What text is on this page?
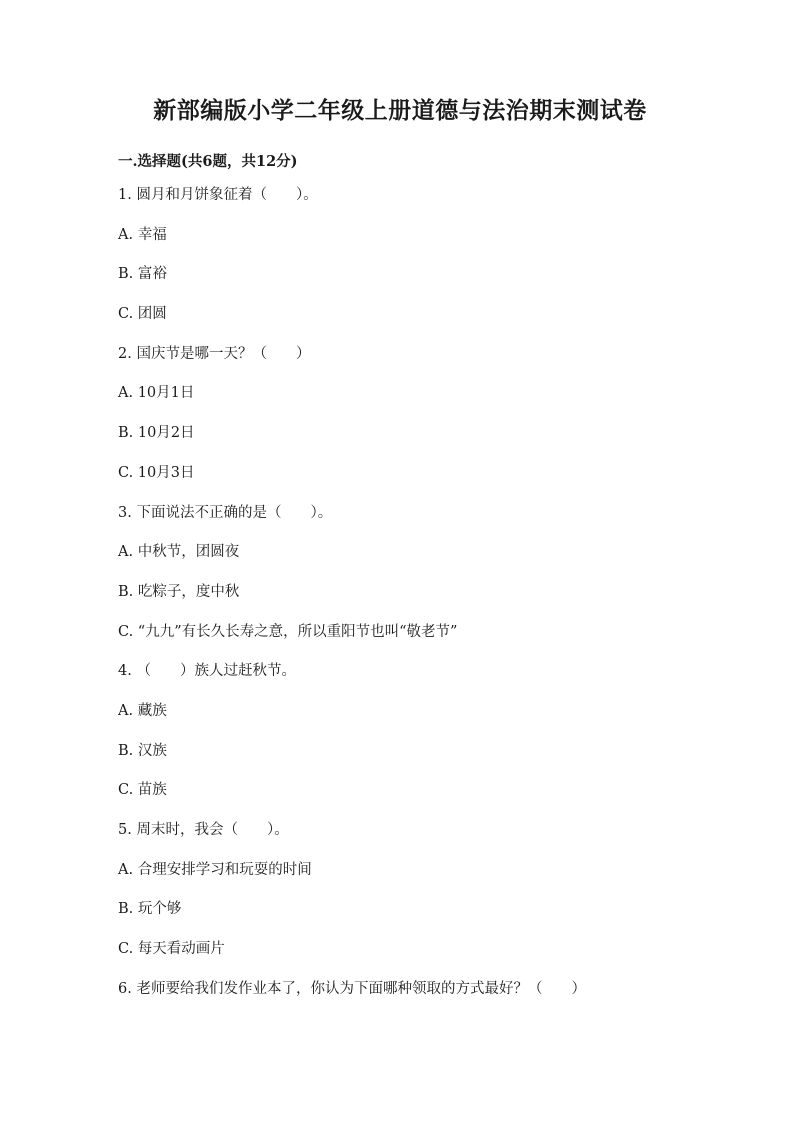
新部编版小学二年级上册道德与法治期末测试卷
一.选择题(共6题，共12分)
1. 圆月和月饼象征着（　　）。
A. 幸福
B. 富裕
C. 团圆
2. 国庆节是哪一天？（　　）
A. 10月1日
B. 10月2日
C. 10月3日
3. 下面说法不正确的是（　　）。
A. 中秋节，团圆夜
B. 吃粽子，度中秋
C. “九九”有长久长寿之意，所以重阳节也叫“敬老节”
4. （　　）族人过赶秋节。
A. 藏族
B. 汉族
C. 苗族
5. 周末时，我会（　　）。
A. 合理安排学习和玩耍的时间
B. 玩个够
C. 每天看动画片
6. 老师要给我们发作业本了，你认为下面哪种领取的方式最好？（　　）
